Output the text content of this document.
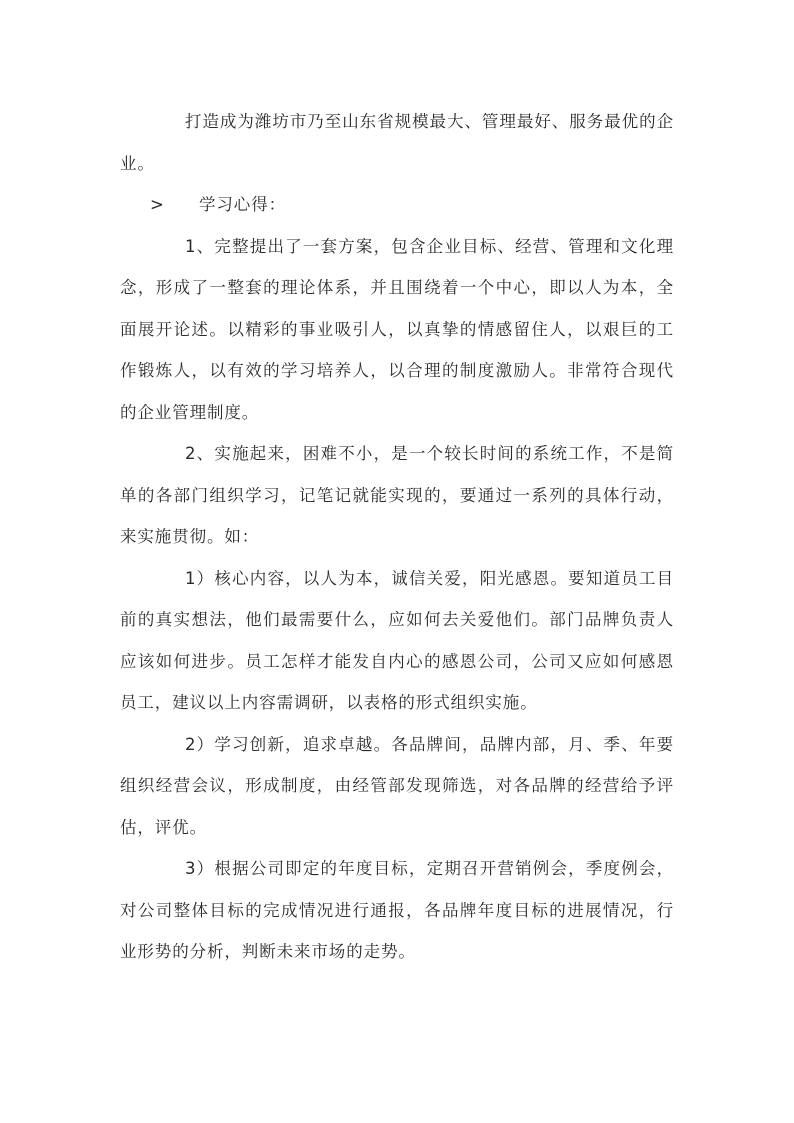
打造成为潍坊市乃至山东省规模最大、管理最好、服务最优的企业。

> 学习心得：

1、完整提出了一套方案，包含企业目标、经营、管理和文化理念，形成了一整套的理论体系，并且围绕着一个中心，即以人为本，全面展开论述。以精彩的事业吸引人，以真挚的情感留住人，以艰巨的工作锻炼人，以有效的学习培养人，以合理的制度激励人。非常符合现代的企业管理制度。

2、实施起来，困难不小，是一个较长时间的系统工作，不是简单的各部门组织学习，记笔记就能实现的，要通过一系列的具体行动，来实施贯彻。如：

1）核心内容，以人为本，诚信关爱，阳光感恩。要知道员工目前的真实想法，他们最需要什么，应如何去关爱他们。部门品牌负责人应该如何进步。员工怎样才能发自内心的感恩公司，公司又应如何感恩员工，建议以上内容需调研，以表格的形式组织实施。

2）学习创新，追求卓越。各品牌间，品牌内部，月、季、年要组织经营会议，形成制度，由经管部发现筛选，对各品牌的经营给予评估，评优。

3）根据公司即定的年度目标，定期召开营销例会，季度例会，对公司整体目标的完成情况进行通报，各品牌年度目标的进展情况，行业形势的分析，判断未来市场的走势。
